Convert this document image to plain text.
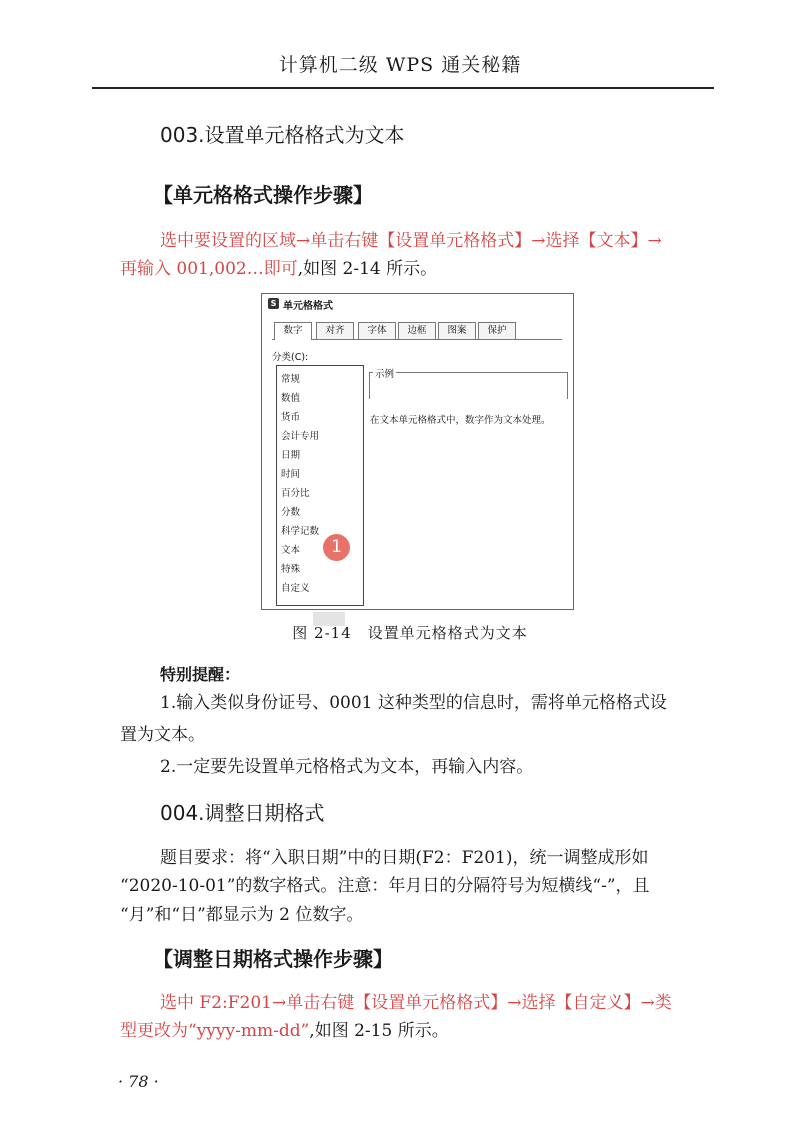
计算机二级 WPS 通关秘籍
003.设置单元格格式为文本
【单元格格式操作步骤】
选中要设置的区域→单击右键【设置单元格格式】→选择【文本】→
再输入 001,002…即可,如图 2-14 所示。
S 单元格格式
数字	对齐	字体	边框	图案	保护
分类(C):
常规
数值
货币
会计专用
日期
时间
百分比
分数
科学记数
文本
特殊
自定义
示例
在文本单元格格式中，数字作为文本处理。
1
图 2-14　设置单元格格式为文本
特别提醒：
1.输入类似身份证号、0001 这种类型的信息时，需将单元格格式设
置为文本。
2.一定要先设置单元格格式为文本，再输入内容。
004.调整日期格式
题目要求：将“入职日期”中的日期(F2：F201)，统一调整成形如
“2020-10-01”的数字格式。注意：年月日的分隔符号为短横线“-”，且
“月”和“日”都显示为 2 位数字。
【调整日期格式操作步骤】
选中 F2:F201→单击右键【设置单元格格式】→选择【自定义】→类
型更改为“yyyy-mm-dd”,如图 2-15 所示。
· 78 ·
